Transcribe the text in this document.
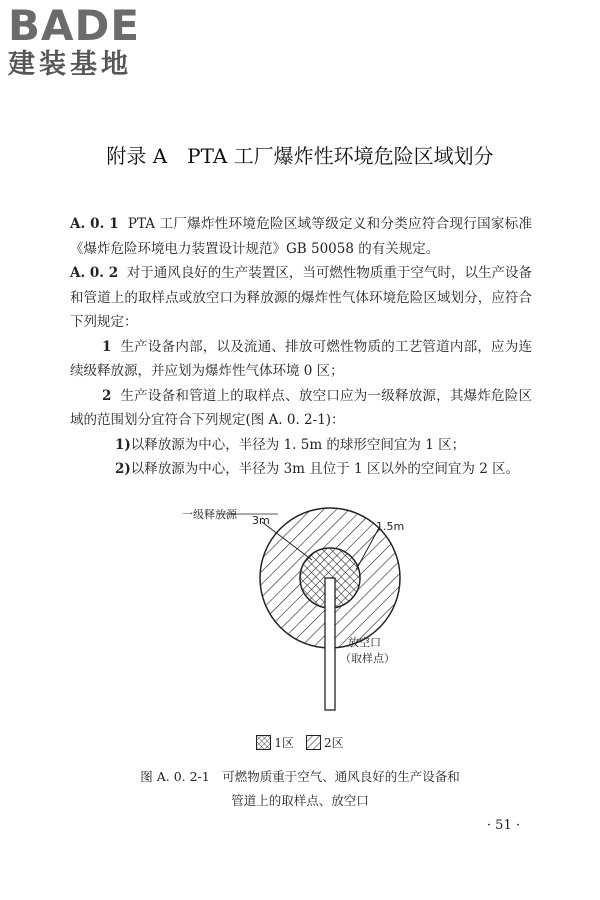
BADE
建装基地
附录 A　PTA 工厂爆炸性环境危险区域划分

A. 0. 1 PTA 工厂爆炸性环境危险区域等级定义和分类应符合现行国家标准《爆炸危险环境电力装置设计规范》GB 50058 的有关规定。

A. 0. 2 对于通风良好的生产装置区，当可燃性物质重于空气时，以生产设备和管道上的取样点或放空口为释放源的爆炸性气体环境危险区域划分，应符合下列规定：

1 生产设备内部，以及流通、排放可燃性物质的工艺管道内部，应为连续级释放源，并应划为爆炸性气体环境 0 区；

2 生产设备和管道上的取样点、放空口应为一级释放源，其爆炸危险区域的范围划分宜符合下列规定(图 A. 0. 2-1)：

1)以释放源为中心，半径为 1. 5m 的球形空间宜为 1 区；

2)以释放源为中心，半径为 3m 且位于 1 区以外的空间宜为 2 区。

一级释放源 3m	1.5m
放空口
（取样点）
1区	2区
图 A. 0. 2-1　可燃物质重于空气、通风良好的生产设备和
管道上的取样点、放空口
· 51 ·
